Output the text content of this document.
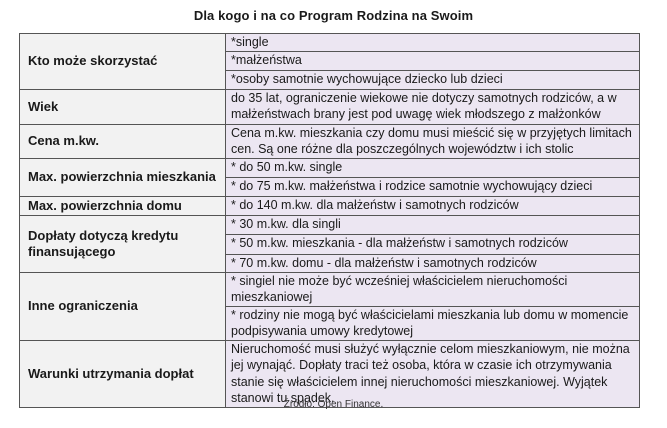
Dla kogo i na co Program Rodzina na Swoim
Kto może skorzystać	*single
	*małżeństwa
	*osoby samotnie wychowujące dziecko lub dzieci
Wiek	do 35 lat, ograniczenie wiekowe nie dotyczy samotnych rodziców, a w małżeństwach brany jest pod uwagę wiek młodszego z małżonków
Cena m.kw.	Cena m.kw. mieszkania czy domu musi mieścić się w przyjętych limitach cen. Są one różne dla poszczególnych województw i ich stolic
Max. powierzchnia mieszkania	* do 50 m.kw. single
	* do 75 m.kw. małżeństwa i rodzice samotnie wychowujący dzieci
Max. powierzchnia domu	* do 140 m.kw. dla małżeństw i samotnych rodziców
Dopłaty dotyczą kredytu finansującego	* 30 m.kw. dla singli
	* 50 m.kw. mieszkania - dla małżeństw i samotnych rodziców
	* 70 m.kw. domu - dla małżeństw i samotnych rodziców
Inne ograniczenia	* singiel nie może być wcześniej właścicielem nieruchomości mieszkaniowej
	* rodziny nie mogą być właścicielami mieszkania lub domu w momencie podpisywania umowy kredytowej
Warunki utrzymania dopłat	Nieruchomość musi służyć wyłącznie celom mieszkaniowym, nie można jej wynająć. Dopłaty traci też osoba, która w czasie ich otrzymywania stanie się właścicielem innej nieruchomości mieszkaniowej. Wyjątek stanowi tu spadek.
Źródło: Open Finance.
